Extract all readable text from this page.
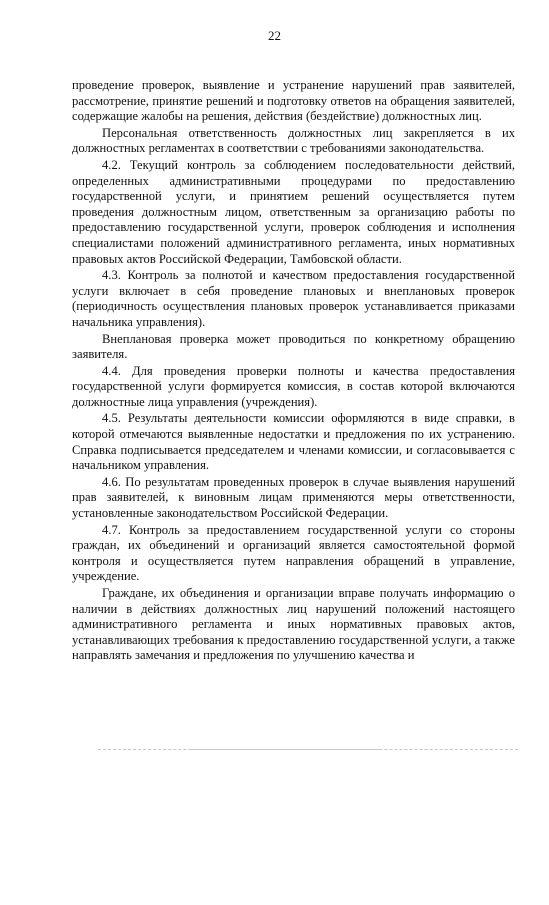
22

проведение проверок, выявление и устранение нарушений прав заявителей, рассмотрение, принятие решений и подготовку ответов на обращения заявителей, содержащие жалобы на решения, действия (бездействие) должностных лиц.

Персональная ответственность должностных лиц закрепляется в их должностных регламентах в соответствии с требованиями законодательства.

4.2. Текущий контроль за соблюдением последовательности действий, определенных административными процедурами по предоставлению государственной услуги, и принятием решений осуществляется путем проведения должностным лицом, ответственным за организацию работы по предоставлению государственной услуги, проверок соблюдения и исполнения специалистами положений административного регламента, иных нормативных правовых актов Российской Федерации, Тамбовской области.

4.3. Контроль за полнотой и качеством предоставления государственной услуги включает в себя проведение плановых и внеплановых проверок (периодичность осуществления плановых проверок устанавливается приказами начальника управления).

Внеплановая проверка может проводиться по конкретному обращению заявителя.

4.4. Для проведения проверки полноты и качества предоставления государственной услуги формируется комиссия, в состав которой включаются должностные лица управления (учреждения).

4.5. Результаты деятельности комиссии оформляются в виде справки, в которой отмечаются выявленные недостатки и предложения по их устранению. Справка подписывается председателем и членами комиссии, и согласовывается с начальником управления.

4.6. По результатам проведенных проверок в случае выявления нарушений прав заявителей, к виновным лицам применяются меры ответственности, установленные законодательством Российской Федерации.

4.7. Контроль за предоставлением государственной услуги со стороны граждан, их объединений и организаций является самостоятельной формой контроля и осуществляется путем направления обращений в управление, учреждение.

Граждане, их объединения и организации вправе получать информацию о наличии в действиях должностных лиц нарушений положений настоящего административного регламента и иных нормативных правовых актов, устанавливающих требования к предоставлению государственной услуги, а также направлять замечания и предложения по улучшению качества и
